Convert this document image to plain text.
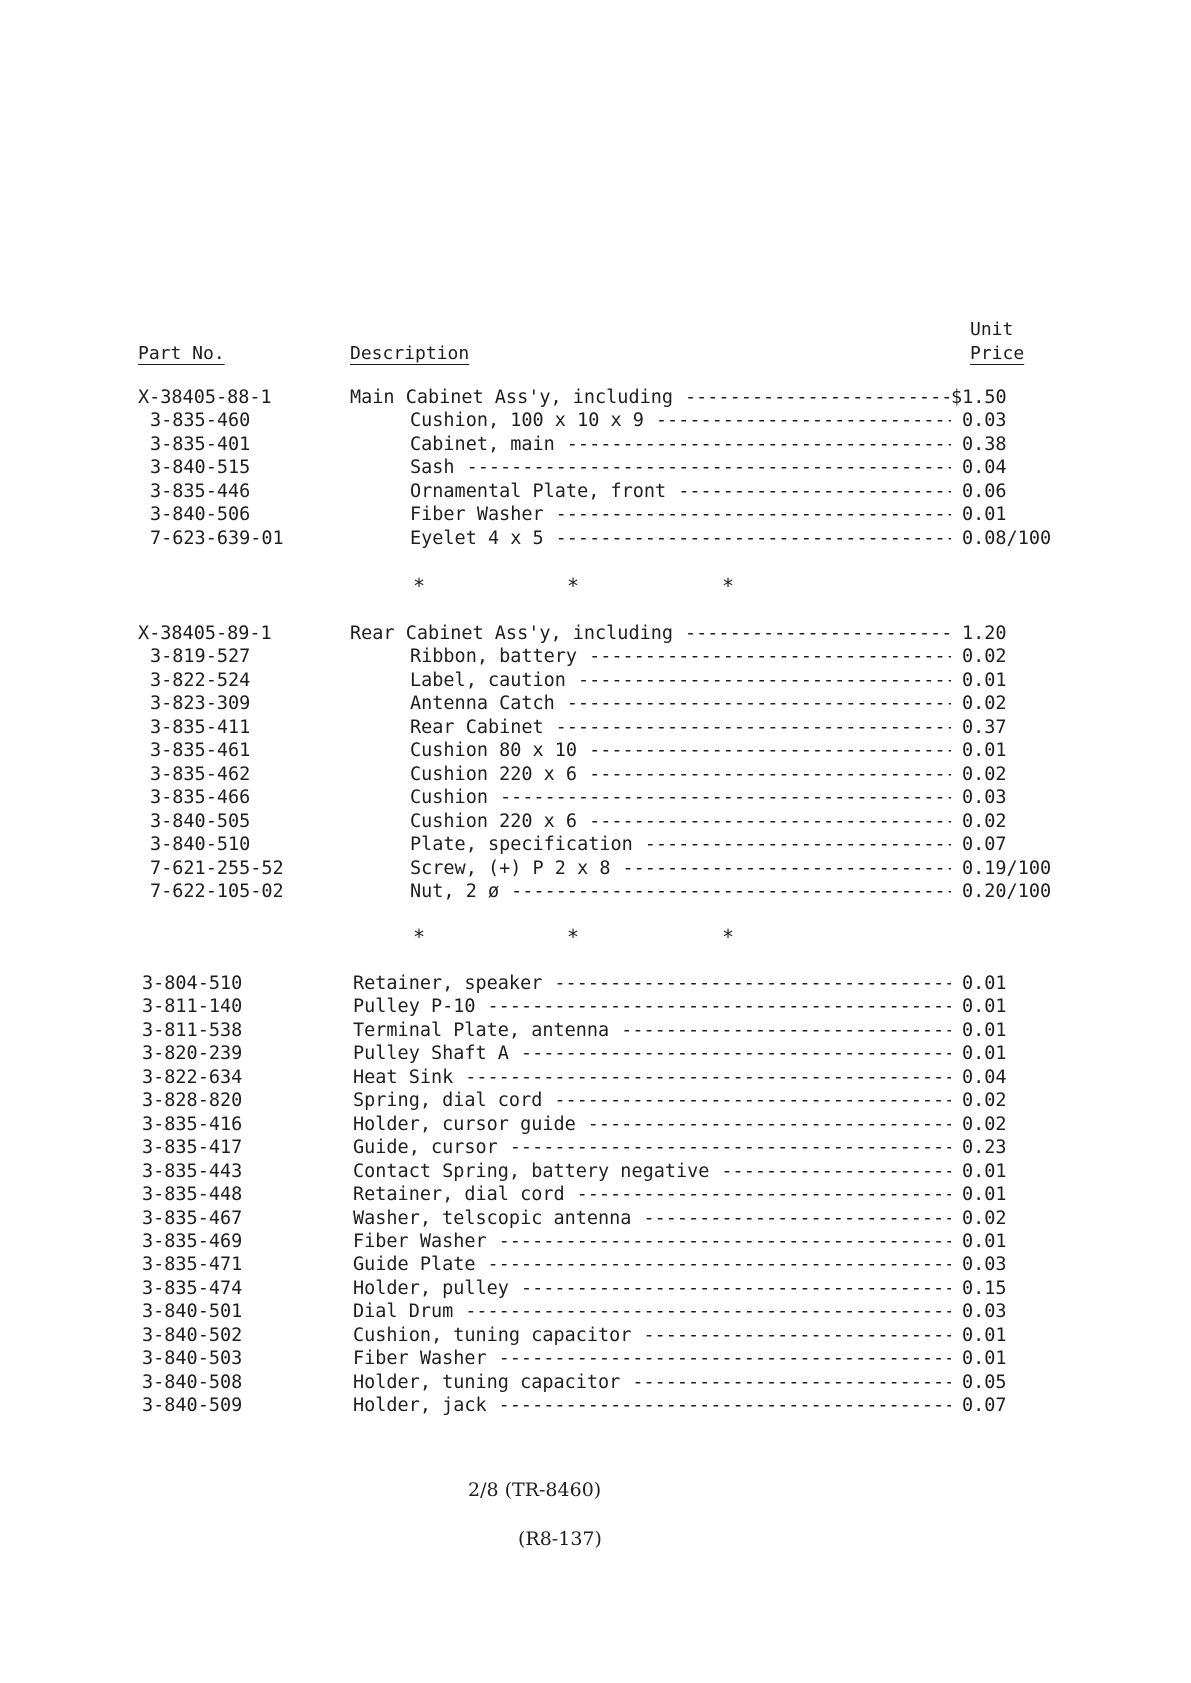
Unit
Part No.	Description	Price
X-38405-88-1	Main Cabinet Ass'y, including -----	$1.50
3-835-460	Cushion, 100 x 10 x 9 -----	0.03
3-835-401	Cabinet, main -----	0.38
3-840-515	Sash -----	0.04
3-835-446	Ornamental Plate, front -----	0.06
3-840-506	Fiber Washer -----	0.01
7-623-639-01	Eyelet 4 x 5 -----	0.08/100
X-38405-89-1	Rear Cabinet Ass'y, including -----	1.20
3-819-527	Ribbon, battery -----	0.02
3-822-524	Label, caution -----	0.01
3-823-309	Antenna Catch -----	0.02
3-835-411	Rear Cabinet -----	0.37
3-835-461	Cushion 80 x 10 -----	0.01
3-835-462	Cushion 220 x 6 -----	0.02
3-835-466	Cushion -----	0.03
3-840-505	Cushion 220 x 6 -----	0.02
3-840-510	Plate, specification -----	0.07
7-621-255-52	Screw, (+) P 2 x 8 -----	0.19/100
7-622-105-02	Nut, 2 ø -----	0.20/100
3-804-510	Retainer, speaker -----	0.01
3-811-140	Pulley P-10 -----	0.01
3-811-538	Terminal Plate, antenna -----	0.01
3-820-239	Pulley Shaft A -----	0.01
3-822-634	Heat Sink -----	0.04
3-828-820	Spring, dial cord -----	0.02
3-835-416	Holder, cursor guide -----	0.02
3-835-417	Guide, cursor -----	0.23
3-835-443	Contact Spring, battery negative -----	0.01
3-835-448	Retainer, dial cord -----	0.01
3-835-467	Washer, telscopic antenna -----	0.02
3-835-469	Fiber Washer -----	0.01
3-835-471	Guide Plate -----	0.03
3-835-474	Holder, pulley -----	0.15
3-840-501	Dial Drum -----	0.03
3-840-502	Cushion, tuning capacitor -----	0.01
3-840-503	Fiber Washer -----	0.01
3-840-508	Holder, tuning capacitor -----	0.05
3-840-509	Holder, jack -----	0.07
*	*	*
*	*	*
2/8 (TR-8460)
(R8-137)
